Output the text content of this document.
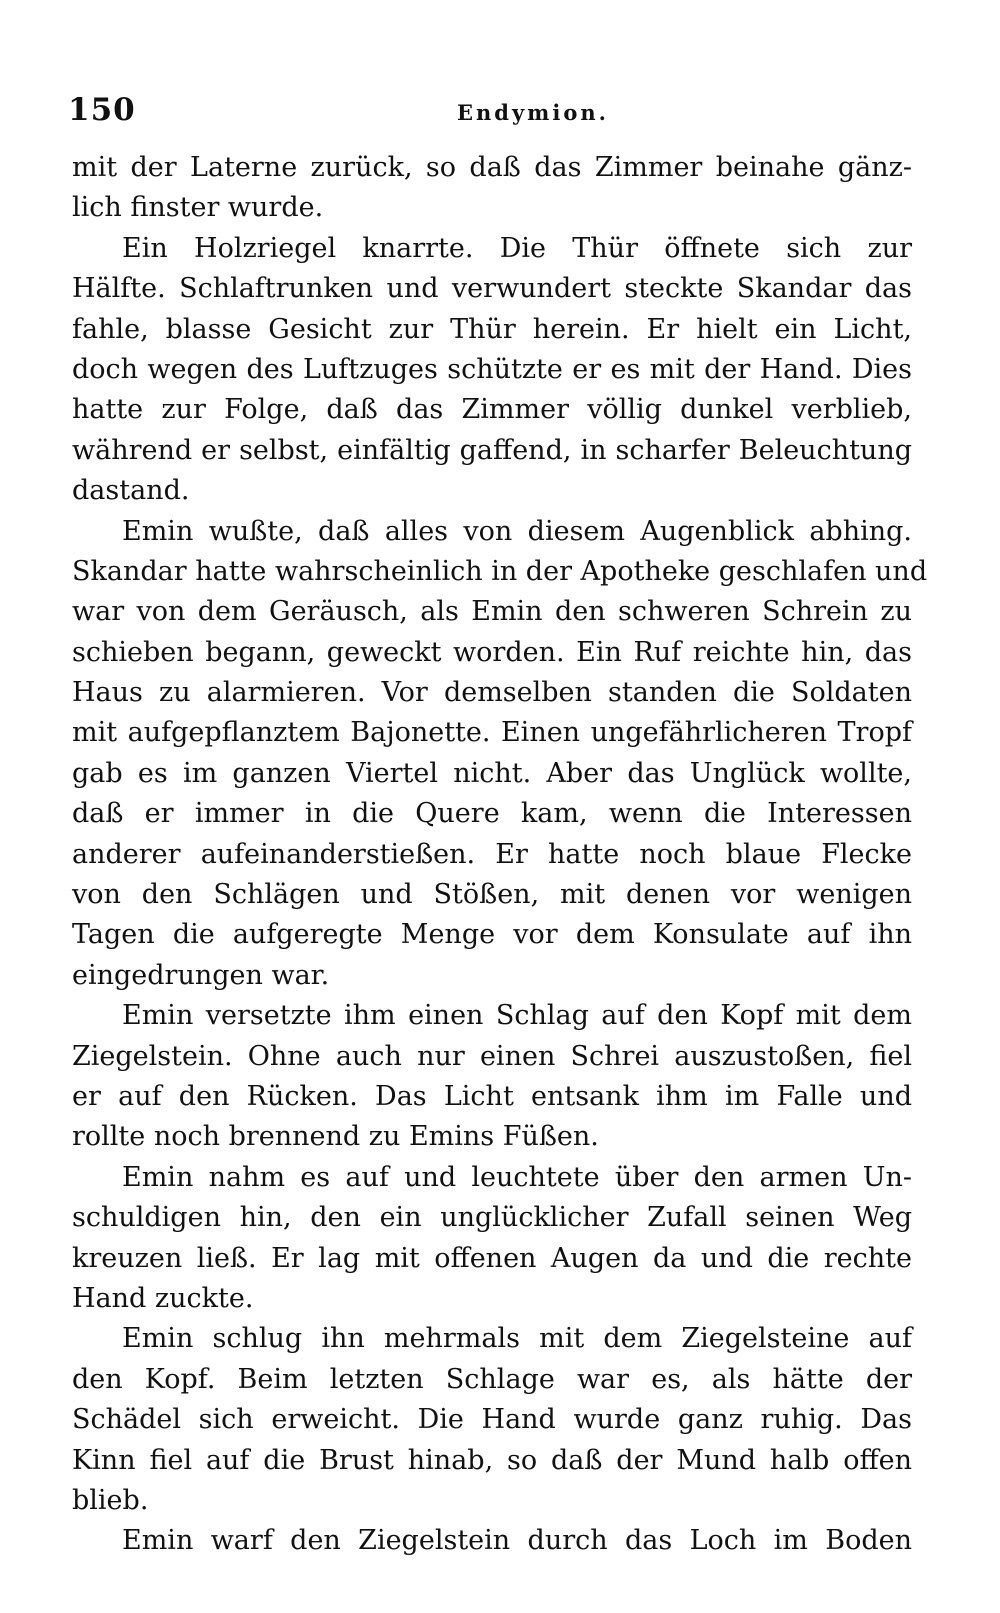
150	Endymion.
mit der Laterne zurück, so daß das Zimmer beinahe gänz-
lich finster wurde.
Ein Holzriegel knarrte. Die Thür öffnete sich zur
Hälfte. Schlaftrunken und verwundert steckte Skandar das
fahle, blasse Gesicht zur Thür herein. Er hielt ein Licht,
doch wegen des Luftzuges schützte er es mit der Hand. Dies
hatte zur Folge, daß das Zimmer völlig dunkel verblieb,
während er selbst, einfältig gaffend, in scharfer Beleuchtung
dastand.
Emin wußte, daß alles von diesem Augenblick abhing.
Skandar hatte wahrscheinlich in der Apotheke geschlafen und
war von dem Geräusch, als Emin den schweren Schrein zu
schieben begann, geweckt worden. Ein Ruf reichte hin, das
Haus zu alarmieren. Vor demselben standen die Soldaten
mit aufgepflanztem Bajonette. Einen ungefährlicheren Tropf
gab es im ganzen Viertel nicht. Aber das Unglück wollte,
daß er immer in die Quere kam, wenn die Interessen
anderer aufeinanderstießen. Er hatte noch blaue Flecke
von den Schlägen und Stößen, mit denen vor wenigen
Tagen die aufgeregte Menge vor dem Konsulate auf ihn
eingedrungen war.
Emin versetzte ihm einen Schlag auf den Kopf mit dem
Ziegelstein. Ohne auch nur einen Schrei auszustoßen, fiel
er auf den Rücken. Das Licht entsank ihm im Falle und
rollte noch brennend zu Emins Füßen.
Emin nahm es auf und leuchtete über den armen Un-
schuldigen hin, den ein unglücklicher Zufall seinen Weg
kreuzen ließ. Er lag mit offenen Augen da und die rechte
Hand zuckte.
Emin schlug ihn mehrmals mit dem Ziegelsteine auf
den Kopf. Beim letzten Schlage war es, als hätte der
Schädel sich erweicht. Die Hand wurde ganz ruhig. Das
Kinn fiel auf die Brust hinab, so daß der Mund halb offen
blieb.
Emin warf den Ziegelstein durch das Loch im Boden
